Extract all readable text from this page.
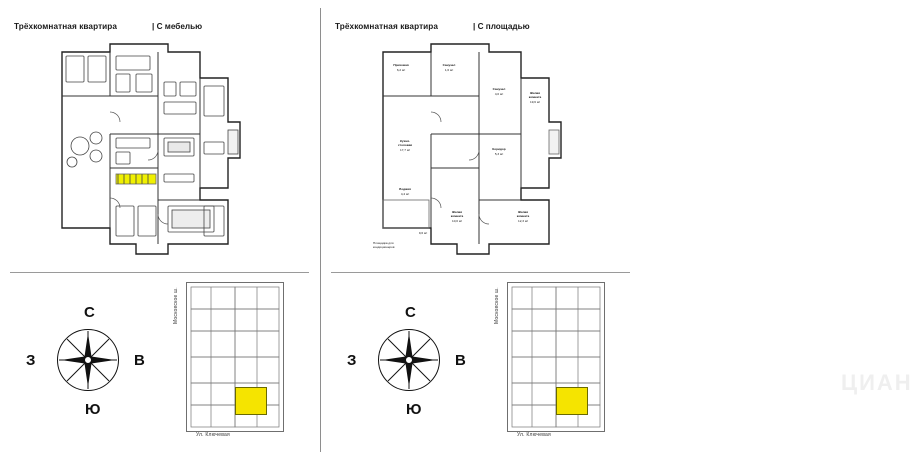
Трёхкомнатная квартира	| С мебелью
С
Ю
З	В
Московское ш.
Ул. Ключевая
Трёхкомнатная квартира	| С площадью
Санузел
1,6 м²
Прихожая
6,2 м²
Санузел
4,0 м²	Жилая
комната
19,6 м²
Кухня-
столовая
17,7 м²	Коридор
5,3 м²
Лоджия
4,4 м²
Жилая
комната
10,0 м²
Жилая
комната
12,3 м²
9,6 м²
Площадка для
кондиционеров
С
Ю
З	В
Московское ш.
Ул. Ключевая
ЦИАН
